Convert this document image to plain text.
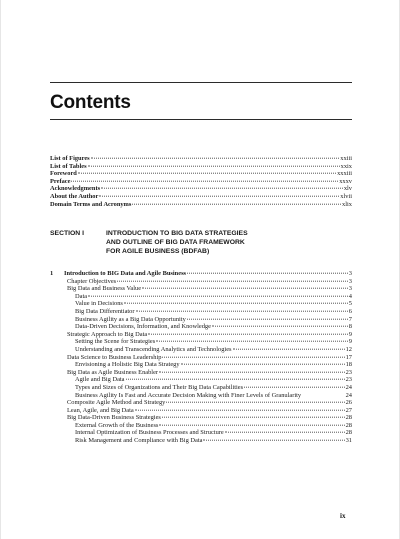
Contents
List of Figures	xxiii
List of Tables	xxix
Foreword	xxxiii
Preface	xxxv
Acknowledgments	xlv
About the Author	xlvii
Domain Terms and Acronyms	xlix
SECTION I	INTRODUCTION TO BIG DATA STRATEGIES
AND OUTLINE OF BIG DATA FRAMEWORK
FOR AGILE BUSINESS (BDFAB)
1	Introduction to BIG Data and Agile Business	3
Chapter Objectives	3
Big Data and Business Value	3
Data	4
Value in Decisions	5
Big Data Differentiator	6
Business Agility as a Big Data Opportunity	7
Data-Driven Decisions, Information, and Knowledge	8
Strategic Approach to Big Data	9
Setting the Scene for Strategies	9
Understanding and Transcending Analytics and Technologies	12
Data Science to Business Leadership	17
Envisioning a Holistic Big Data Strategy	18
Big Data as Agile Business Enabler	23
Agile and Big Data	23
Types and Sizes of Organizations and Their Big Data Capabilities	24
Business Agility Is Fast and Accurate Decision Making with Finer Levels of Granularity	24
Composite Agile Method and Strategy	26
Lean, Agile, and Big Data	27
Big Data-Driven Business Strategies	28
External Growth of the Business	28
Internal Optimization of Business Processes and Structure	28
Risk Management and Compliance with Big Data	31
ix
